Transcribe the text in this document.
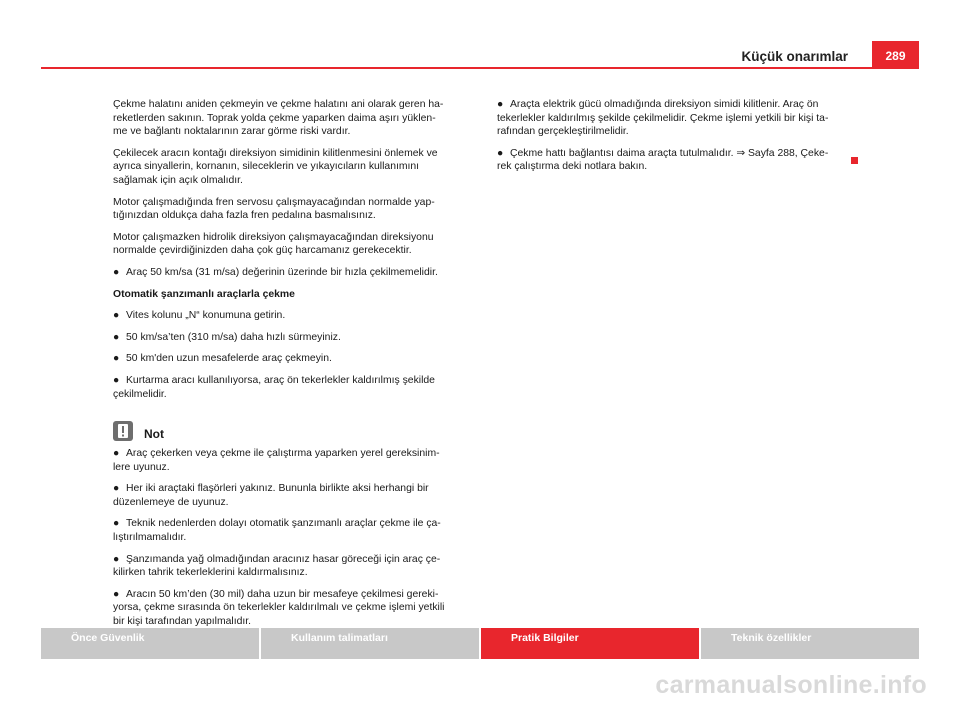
Küçük onarımlar	289

Çekme halatını aniden çekmeyin ve çekme halatını ani olarak geren ha-
reketlerden sakının. Toprak yolda çekme yaparken daima aşırı yüklen-
me ve bağlantı noktalarının zarar görme riski vardır.

Çekilecek aracın kontağı direksiyon simidinin kilitlenmesini önlemek ve
ayrıca sinyallerin, kornanın, sileceklerin ve yıkayıcıların kullanımını
sağlamak için açık olmalıdır.

Motor çalışmadığında fren servosu çalışmayacağından normalde yap-
tığınızdan oldukça daha fazla fren pedalına basmalısınız.

Motor çalışmazken hidrolik direksiyon çalışmayacağından direksiyonu
normalde çevirdiğinizden daha çok güç harcamanız gerekecektir.

● Araç 50 km/sa (31 m/sa) değerinin üzerinde bir hızla çekilmemelidir.

Otomatik şanzımanlı araçlarla çekme

● Vites kolunu „N“ konumuna getirin.

● 50 km/sa’ten (310 m/sa) daha hızlı sürmeyiniz.

● 50 km'den uzun mesafelerde araç çekmeyin.

● Kurtarma aracı kullanılıyorsa, araç ön tekerlekler kaldırılmış şekilde
çekilmelidir.

Not

● Araç çekerken veya çekme ile çalıştırma yaparken yerel gereksinim-
lere uyunuz.

● Her iki araçtaki flaşörleri yakınız. Bununla birlikte aksi herhangi bir
düzenlemeye de uyunuz.

● Teknik nedenlerden dolayı otomatik şanzımanlı araçlar çekme ile ça-
lıştırılmamalıdır.

● Şanzımanda yağ olmadığından aracınız hasar göreceği için araç çe-
kilirken tahrik tekerleklerini kaldırmalısınız.

● Aracın 50 km’den (30 mil) daha uzun bir mesafeye çekilmesi gereki-
yorsa, çekme sırasında ön tekerlekler kaldırılmalı ve çekme işlemi yetkili
bir kişi tarafından yapılmalıdır.

● Araçta elektrik gücü olmadığında direksiyon simidi kilitlenir. Araç ön
tekerlekler kaldırılmış şekilde çekilmelidir. Çekme işlemi yetkili bir kişi ta-
rafından gerçekleştirilmelidir.

● Çekme hattı bağlantısı daima araçta tutulmalıdır. ⇒ Sayfa 288, Çeke-
rek çalıştırma deki notlara bakın.

Önce Güvenlik	Kullanım talimatları	Pratik Bilgiler	Teknik özellikler
carmanualsonline.info
